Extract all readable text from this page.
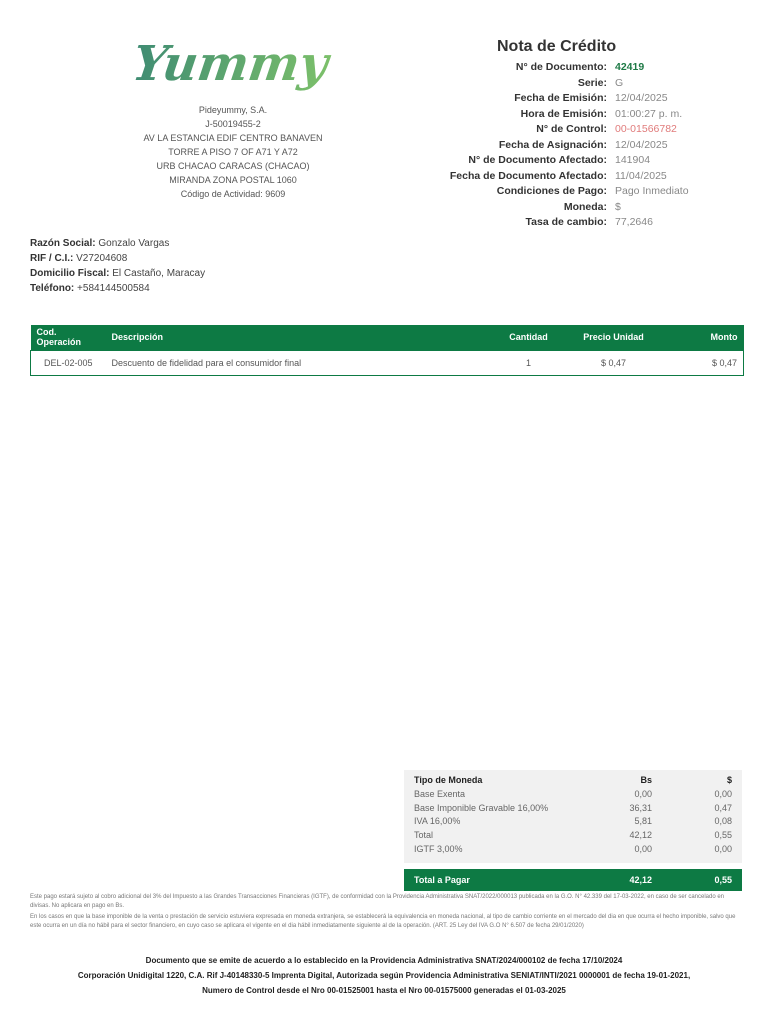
Yummy
Pideyummy, S.A.
J-50019455-2
AV LA ESTANCIA EDIF CENTRO BANAVEN
TORRE A PISO 7 OF A71 Y A72
URB CHACAO CARACAS (CHACAO)
MIRANDA ZONA POSTAL 1060
Código de Actividad: 9609
Nota de Crédito
N° de Documento: 42419
Serie: G
Fecha de Emisión: 12/04/2025
Hora de Emisión: 01:00:27 p. m.
N° de Control: 00-01566782
Fecha de Asignación: 12/04/2025
N° de Documento Afectado: 141904
Fecha de Documento Afectado: 11/04/2025
Condiciones de Pago: Pago Inmediato
Moneda: $
Tasa de cambio: 77,2646
Razón Social: Gonzalo Vargas
RIF / C.I.: V27204608
Domicilio Fiscal: El Castaño, Maracay
Teléfono: +584144500584
Cod. Operación	Descripción	Cantidad	Precio Unidad	Monto
DEL-02-005	Descuento de fidelidad para el consumidor final	1	$ 0,47	$ 0,47
Tipo de Moneda	Bs	$
Base Exenta	0,00	0,00
Base Imponible Gravable 16,00%	36,31	0,47
IVA 16,00%	5,81	0,08
Total	42,12	0,55
IGTF 3,00%	0,00	0,00
Total a Pagar	42,12	0,55

Este pago estará sujeto al cobro adicional del 3% del Impuesto a las Grandes Transacciones Financieras (IGTF), de conformidad con la Providencia Administrativa SNAT/2022/000013 publicada en la G.O. N° 42.339 del 17-03-2022, en caso de ser cancelado en divisas. No aplicara en pago en Bs.

En los casos en que la base imponible de la venta o prestación de servicio estuviera expresada en moneda extranjera, se establecerá la equivalencia en moneda nacional, al tipo de cambio corriente en el mercado del dia en que ocurra el hecho imponible, salvo que este ocurra en un día no hábil para el sector financiero, en cuyo caso se aplicara el vigente en el dia hábil inmediatamente siguiente al de la operación. (ART. 25 Ley del IVA G.O N° 6.507 de fecha 29/01/2020)

Documento que se emite de acuerdo a lo establecido en la Providencia Administrativa SNAT/2024/000102 de fecha 17/10/2024
Corporación Unidigital 1220, C.A. Rif J-40148330-5 Imprenta Digital, Autorizada según Providencia Administrativa SENIAT/INTI/2021 0000001 de fecha 19-01-2021,
Numero de Control desde el Nro 00-01525001 hasta el Nro 00-01575000 generadas el 01-03-2025
